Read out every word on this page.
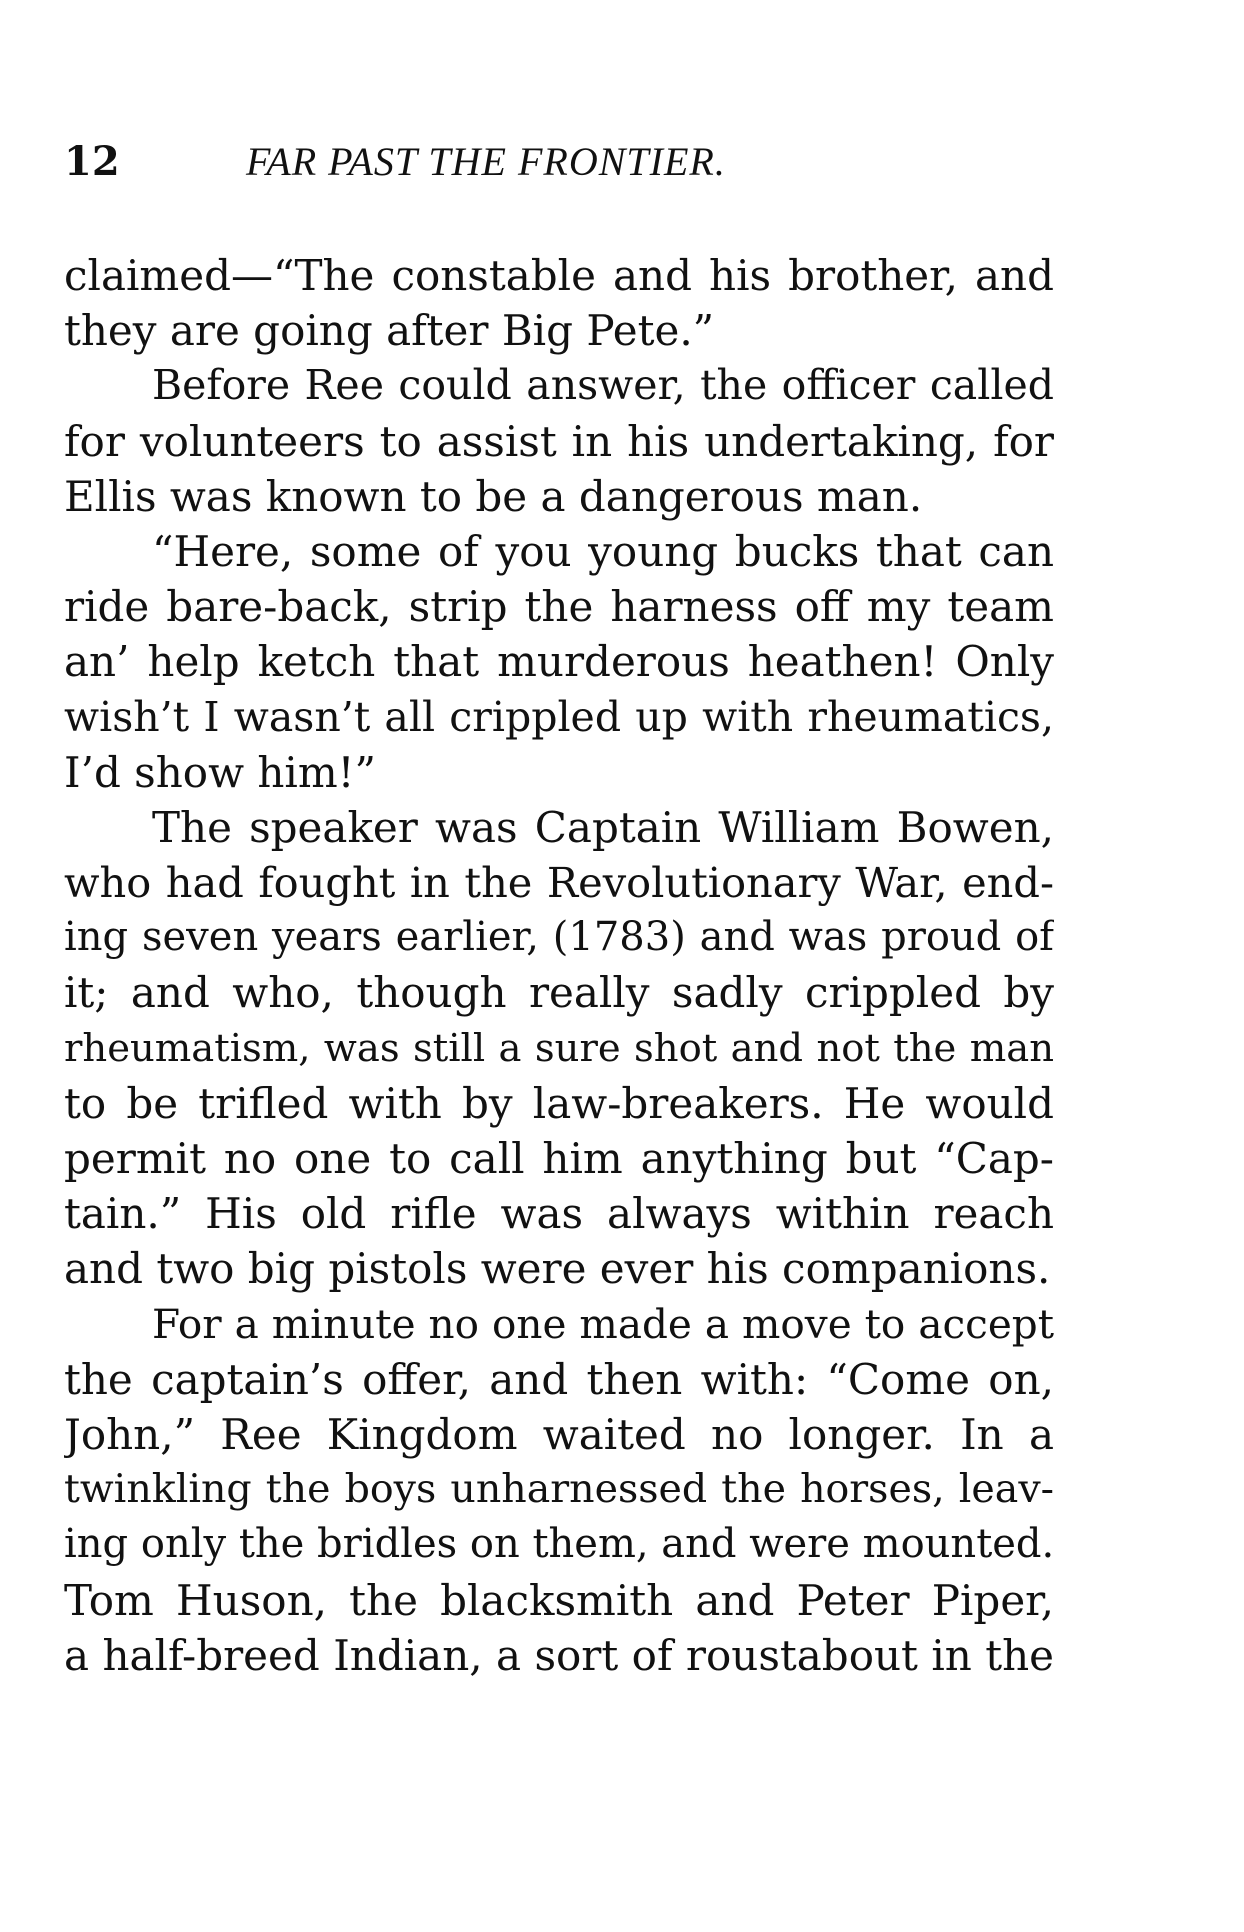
12	FAR PAST THE FRONTIER.
claimed—“The constable and his brother, and
they are going after Big Pete.”
Before Ree could answer, the officer called
for volunteers to assist in his undertaking, for
Ellis was known to be a dangerous man.
“Here, some of you young bucks that can
ride bare-back, strip the harness off my team
an’ help ketch that murderous heathen! Only
wish’t I wasn’t all crippled up with rheumatics,
I’d show him!”
The speaker was Captain William Bowen,
who had fought in the Revolutionary War, end-
ing seven years earlier, (1783) and was proud of
it; and who, though really sadly crippled by
rheumatism, was still a sure shot and not the man
to be trifled with by law-breakers. He would
permit no one to call him anything but “Cap-
tain.” His old rifle was always within reach
and two big pistols were ever his companions.
For a minute no one made a move to accept
the captain’s offer, and then with: “Come on,
John,” Ree Kingdom waited no longer. In a
twinkling the boys unharnessed the horses, leav-
ing only the bridles on them, and were mounted.
Tom Huson, the blacksmith and Peter Piper,
a half-breed Indian, a sort of roustabout in the
